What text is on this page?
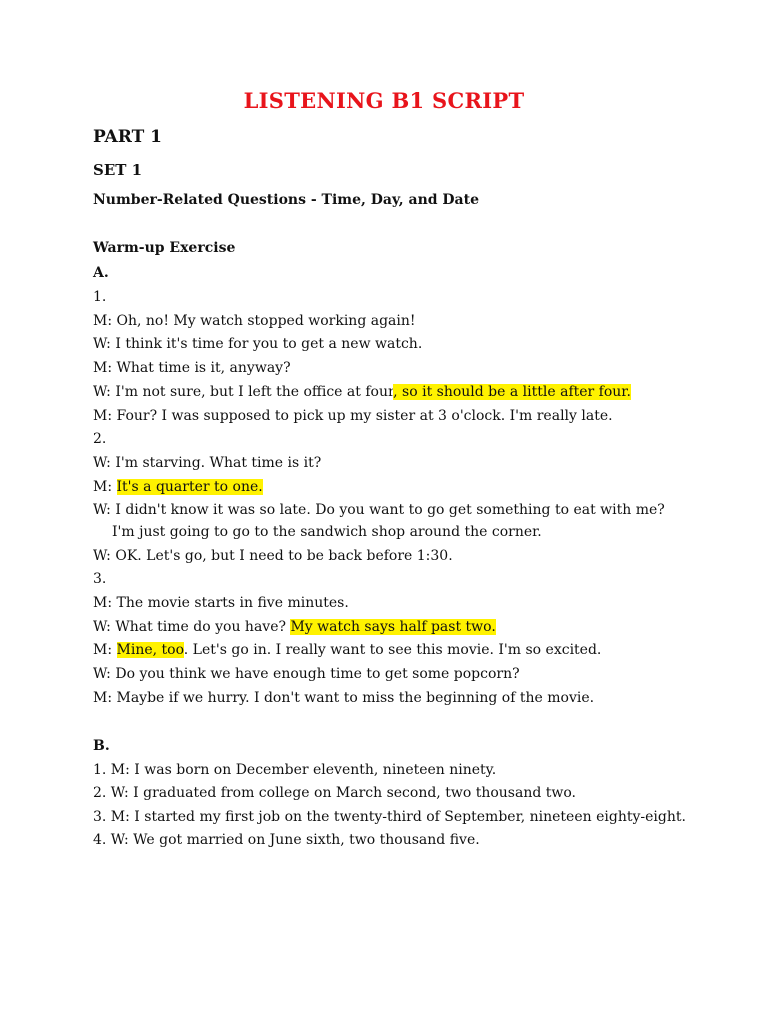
LISTENING B1 SCRIPT
PART 1
SET 1
Number-Related Questions - Time, Day, and Date
Warm-up Exercise
A.
1.
M: Oh, no! My watch stopped working again!
W: I think it's time for you to get a new watch.
M: What time is it, anyway?
W: I'm not sure, but I left the office at four, so it should be a little after four.
M: Four? I was supposed to pick up my sister at 3 o'clock. I'm really late.
2.
W: I'm starving. What time is it?
M: It's a quarter to one.
W: I didn't know it was so late. Do you want to go get something to eat with me?
I'm just going to go to the sandwich shop around the corner.
W: OK. Let's go, but I need to be back before 1:30.
3.
M: The movie starts in five minutes.
W: What time do you have? My watch says half past two.
M: Mine, too. Let's go in. I really want to see this movie. I'm so excited.
W: Do you think we have enough time to get some popcorn?
M: Maybe if we hurry. I don't want to miss the beginning of the movie.
B.
1. M: I was born on December eleventh, nineteen ninety.
2. W: I graduated from college on March second, two thousand two.
3. M: I started my first job on the twenty-third of September, nineteen eighty-eight.
4. W: We got married on June sixth, two thousand five.
